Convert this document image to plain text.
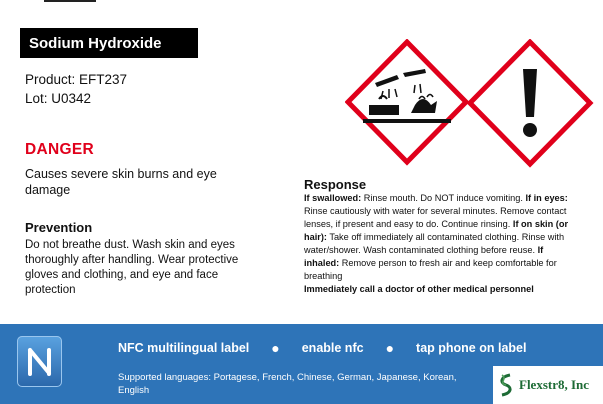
Sodium Hydroxide
Product: EFT237
Lot: U0342
DANGER
Causes severe skin burns and eye damage
Prevention
Do not breathe dust. Wash skin and eyes thoroughly after handling. Wear protective gloves and clothing, and eye and face protection
Response
If swallowed: Rinse mouth. Do NOT induce vomiting. If in eyes: Rinse cautiously with water for several minutes. Remove contact lenses, if present and easy to do. Continue rinsing. If on skin (or hair): Take off immediately all contaminated clothing. Rinse with water/shower. Wash contaminated clothing before reuse. If inhaled: Remove person to fresh air and keep comfortable for breathing
Immediately call a doctor of other medical personnel
NFC multilingual label ● enable nfc ● tap phone on label
Supported languages: Portagese, French, Chinese, German, Japanese, Korean, English	Flexstr8, Inc
